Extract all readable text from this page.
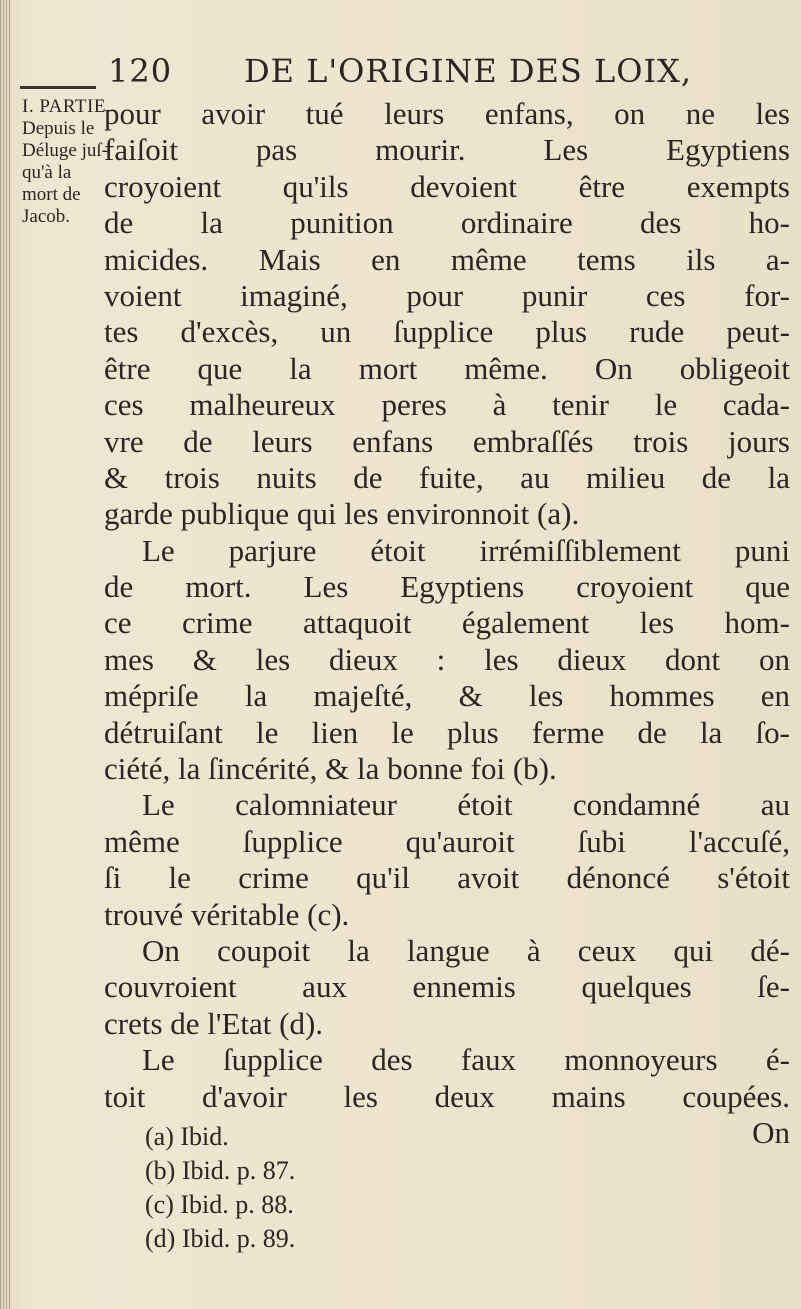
120	DE L'ORIGINE DES LOIX,
I. PARTIE.
Depuis le
Déluge juſ-
qu'à la
mort de
Jacob.
pour avoir tué leurs enfans, on ne les
faiſoit pas mourir. Les Egyptiens
croyoient qu'ils devoient être exempts
de la punition ordinaire des ho-
micides. Mais en même tems ils a-
voient imaginé, pour punir ces for-
tes d'excès, un ſupplice plus rude peut-
être que la mort même. On obligeoit
ces malheureux peres à tenir le cada-
vre de leurs enfans embraſſés trois jours
& trois nuits de fuite, au milieu de la
garde publique qui les environnoit (a).
Le parjure étoit irrémiſſiblement puni
de mort. Les Egyptiens croyoient que
ce crime attaquoit également les hom-
mes & les dieux : les dieux dont on
mépriſe la majeſté, & les hommes en
détruiſant le lien le plus ferme de la ſo-
ciété, la ſincérité, & la bonne foi (b).
Le calomniateur étoit condamné au
même ſupplice qu'auroit ſubi l'accuſé,
ſi le crime qu'il avoit dénoncé s'étoit
trouvé véritable (c).
On coupoit la langue à ceux qui dé-
couvroient aux ennemis quelques ſe-
crets de l'Etat (d).
Le ſupplice des faux monnoyeurs é-
toit d'avoir les deux mains coupées.
On
(a) Ibid.
(b) Ibid. p. 87.
(c) Ibid. p. 88.
(d) Ibid. p. 89.
